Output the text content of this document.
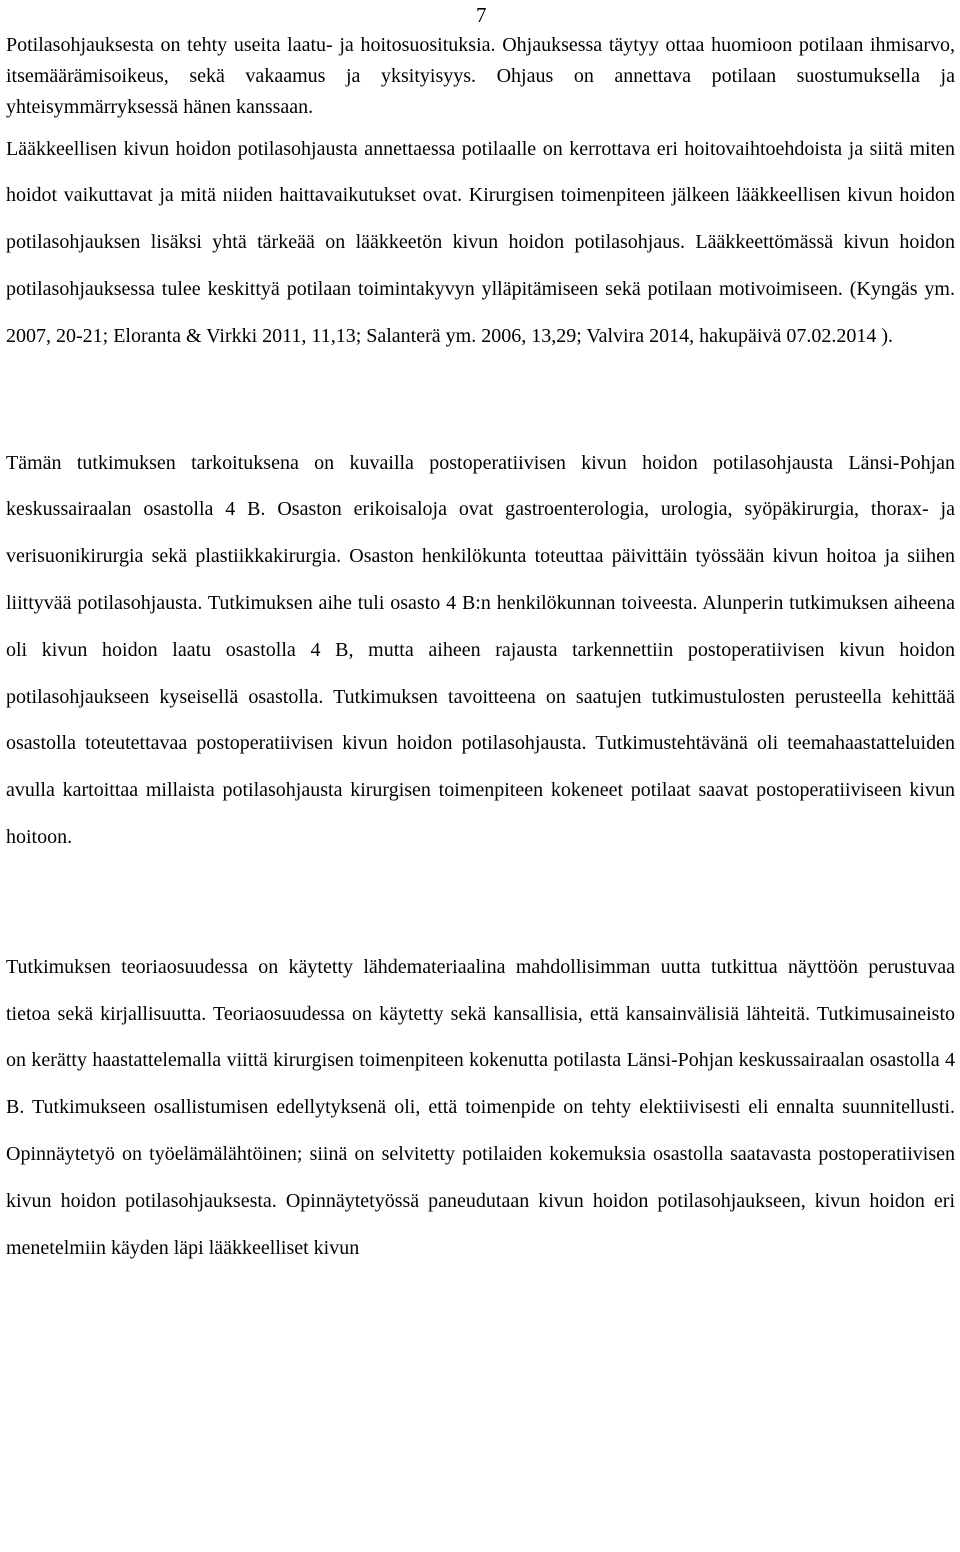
7

Potilasohjauksesta on tehty useita laatu- ja hoitosuosituksia. Ohjauksessa täytyy ottaa huomioon potilaan ihmisarvo, itsemäärämisoikeus, sekä vakaamus ja yksityisyys. Ohjaus on annettava potilaan suostumuksella ja yhteisymmärryksessä hänen kanssaan.

Lääkkeellisen kivun hoidon potilasohjausta annettaessa potilaalle on kerrottava eri hoitovaihtoehdoista ja siitä miten hoidot vaikuttavat ja mitä niiden haittavaikutukset ovat. Kirurgisen toimenpiteen jälkeen lääkkeellisen kivun hoidon potilasohjauksen lisäksi yhtä tärkeää on lääkkeetön kivun hoidon potilasohjaus. Lääkkeettömässä kivun hoidon potilasohjauksessa tulee keskittyä potilaan toimintakyvyn ylläpitämiseen sekä potilaan motivoimiseen. (Kyngäs ym. 2007, 20-21; Eloranta & Virkki 2011, 11,13; Salanterä ym. 2006, 13,29; Valvira 2014, hakupäivä 07.02.2014 ).

Tämän tutkimuksen tarkoituksena on kuvailla postoperatiivisen kivun hoidon potilasohjausta Länsi-Pohjan keskussairaalan osastolla 4 B. Osaston erikoisaloja ovat gastroenterologia, urologia, syöpäkirurgia, thorax- ja verisuonikirurgia sekä plastiikkakirurgia. Osaston henkilökunta toteuttaa päivittäin työssään kivun hoitoa ja siihen liittyvää potilasohjausta. Tutkimuksen aihe tuli osasto 4 B:n henkilökunnan toiveesta. Alunperin tutkimuksen aiheena oli kivun hoidon laatu osastolla 4 B, mutta aiheen rajausta tarkennettiin postoperatiivisen kivun hoidon potilasohjaukseen kyseisellä osastolla. Tutkimuksen tavoitteena on saatujen tutkimustulosten perusteella kehittää osastolla toteutettavaa postoperatiivisen kivun hoidon potilasohjausta. Tutkimustehtävänä oli teemahaastatteluiden avulla kartoittaa millaista potilasohjausta kirurgisen toimenpiteen kokeneet potilaat saavat postoperatiiviseen kivun hoitoon.

Tutkimuksen teoriaosuudessa on käytetty lähdemateriaalina mahdollisimman uutta tutkittua näyttöön perustuvaa tietoa sekä kirjallisuutta. Teoriaosuudessa on käytetty sekä kansallisia, että kansainvälisiä lähteitä. Tutkimusaineisto on kerätty haastattelemalla viittä kirurgisen toimenpiteen kokenutta potilasta Länsi-Pohjan keskussairaalan osastolla 4 B. Tutkimukseen osallistumisen edellytyksenä oli, että toimenpide on tehty elektiivisesti eli ennalta suunnitellusti. Opinnäytetyö on työelämälähtöinen; siinä on selvitetty potilaiden kokemuksia osastolla saatavasta postoperatiivisen kivun hoidon potilasohjauksesta. Opinnäytetyössä paneudutaan kivun hoidon potilasohjaukseen, kivun hoidon eri menetelmiin käyden läpi lääkkeelliset kivun
